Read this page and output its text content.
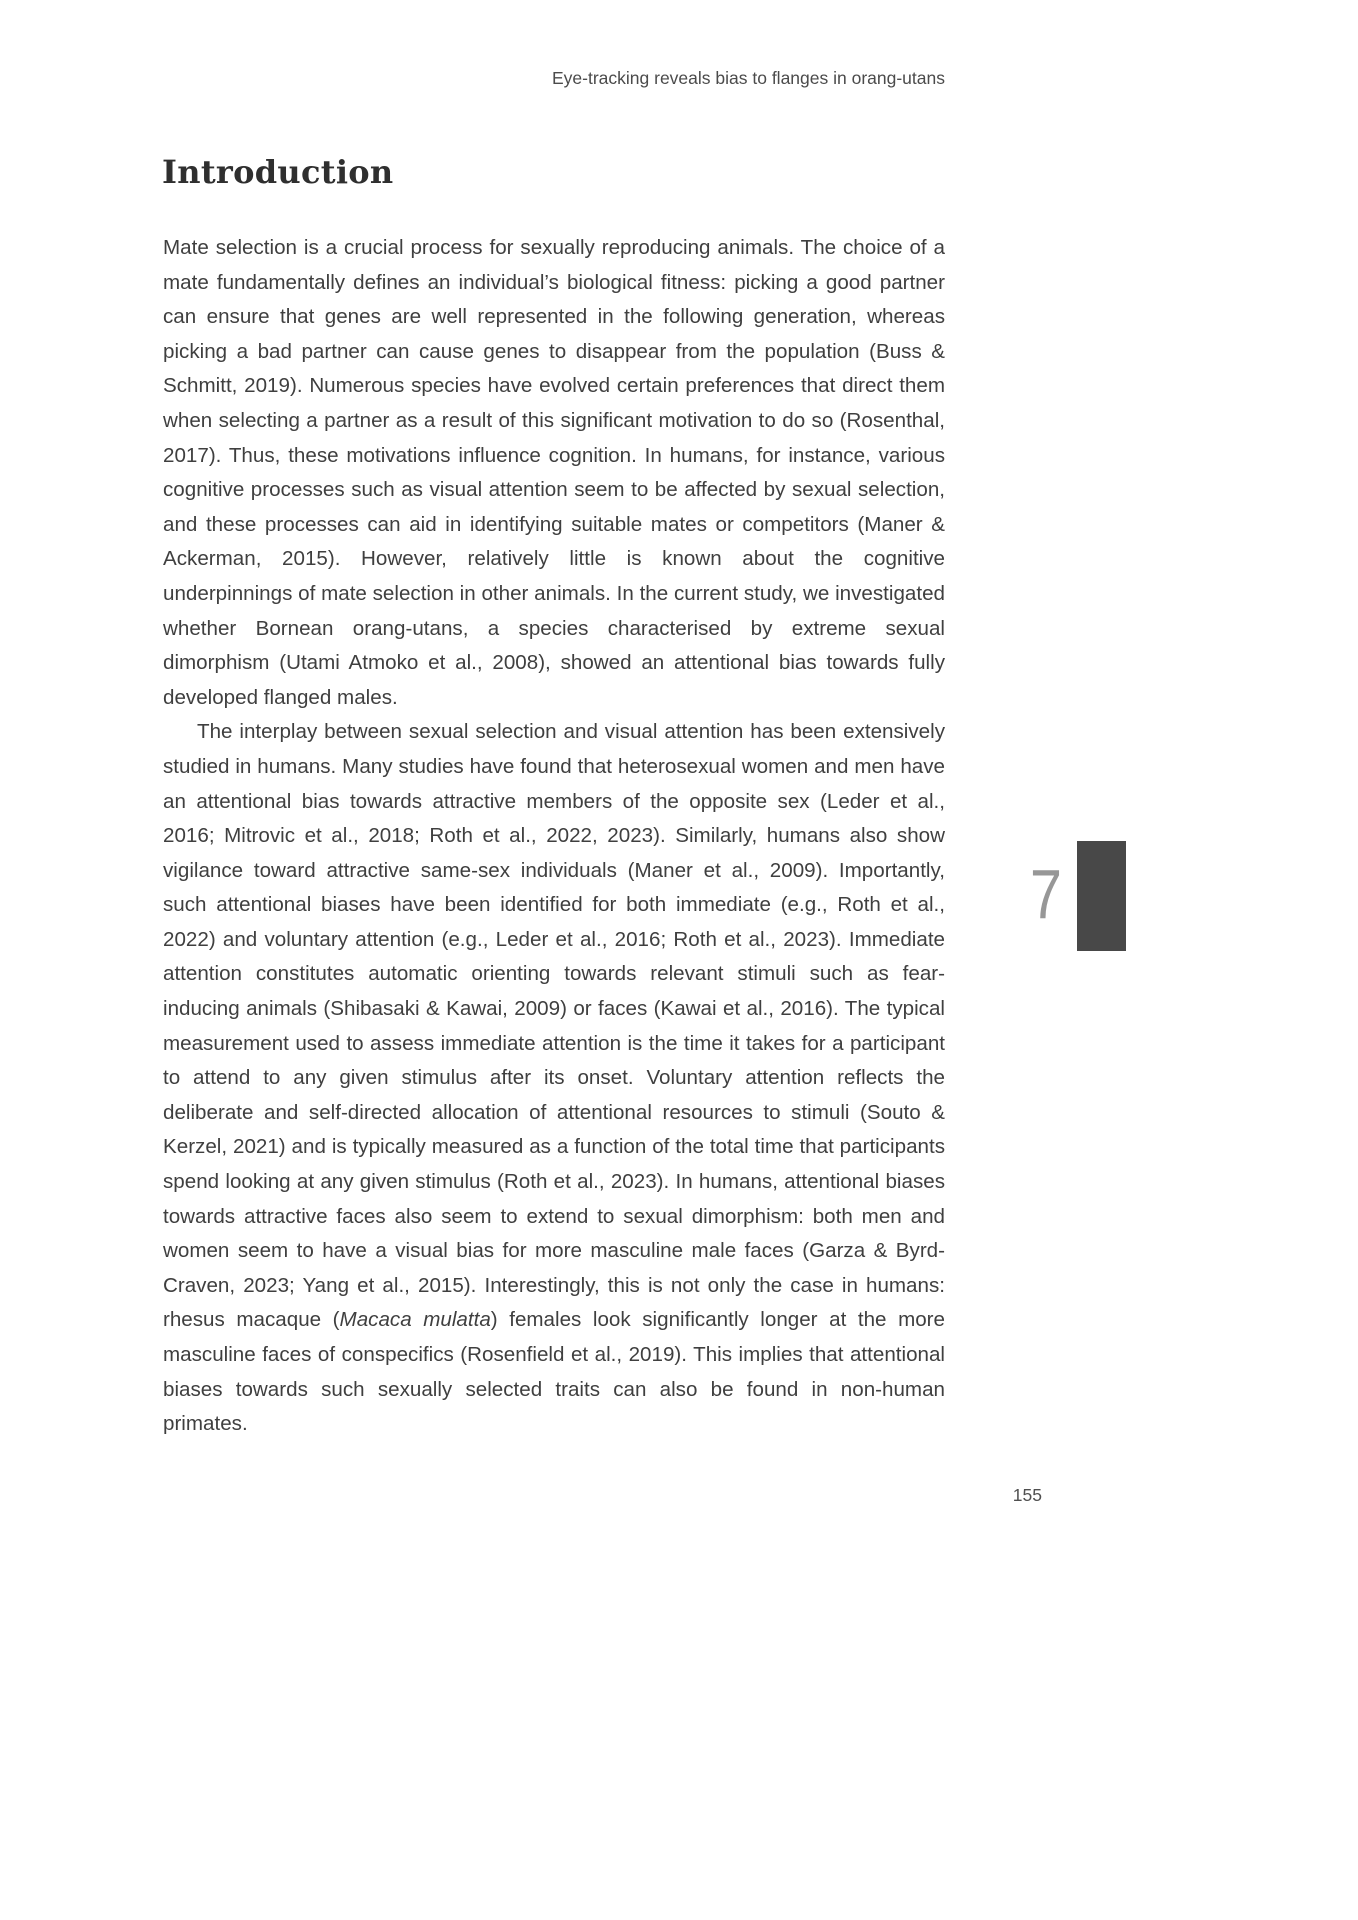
Eye-tracking reveals bias to flanges in orang-utans
Introduction

Mate selection is a crucial process for sexually reproducing animals. The choice of a mate fundamentally defines an individual’s biological fitness: picking a good partner can ensure that genes are well represented in the following generation, whereas picking a bad partner can cause genes to disappear from the population (Buss & Schmitt, 2019). Numerous species have evolved certain preferences that direct them when selecting a partner as a result of this significant motivation to do so (Rosenthal, 2017). Thus, these motivations influence cognition. In humans, for instance, various cognitive processes such as visual attention seem to be affected by sexual selection, and these processes can aid in identifying suitable mates or competitors (Maner & Ackerman, 2015). However, relatively little is known about the cognitive underpinnings of mate selection in other animals. In the current study, we investigated whether Bornean orang-utans, a species characterised by extreme sexual dimorphism (Utami Atmoko et al., 2008), showed an attentional bias towards fully developed flanged males.

The interplay between sexual selection and visual attention has been extensively studied in humans. Many studies have found that heterosexual women and men have an attentional bias towards attractive members of the opposite sex (Leder et al., 2016; Mitrovic et al., 2018; Roth et al., 2022, 2023). Similarly, humans also show vigilance toward attractive same-sex individuals (Maner et al., 2009). Importantly, such attentional biases have been identified for both immediate (e.g., Roth et al., 2022) and voluntary attention (e.g., Leder et al., 2016; Roth et al., 2023). Immediate attention constitutes automatic orienting towards relevant stimuli such as fear-inducing animals (Shibasaki & Kawai, 2009) or faces (Kawai et al., 2016). The typical measurement used to assess immediate attention is the time it takes for a participant to attend to any given stimulus after its onset. Voluntary attention reflects the deliberate and self-directed allocation of attentional resources to stimuli (Souto & Kerzel, 2021) and is typically measured as a function of the total time that participants spend looking at any given stimulus (Roth et al., 2023). In humans, attentional biases towards attractive faces also seem to extend to sexual dimorphism: both men and women seem to have a visual bias for more masculine male faces (Garza & Byrd-Craven, 2023; Yang et al., 2015). Interestingly, this is not only the case in humans: rhesus macaque (Macaca mulatta) females look significantly longer at the more masculine faces of conspecifics (Rosenfield et al., 2019). This implies that attentional biases towards such sexually selected traits can also be found in non-human primates.

7
155
